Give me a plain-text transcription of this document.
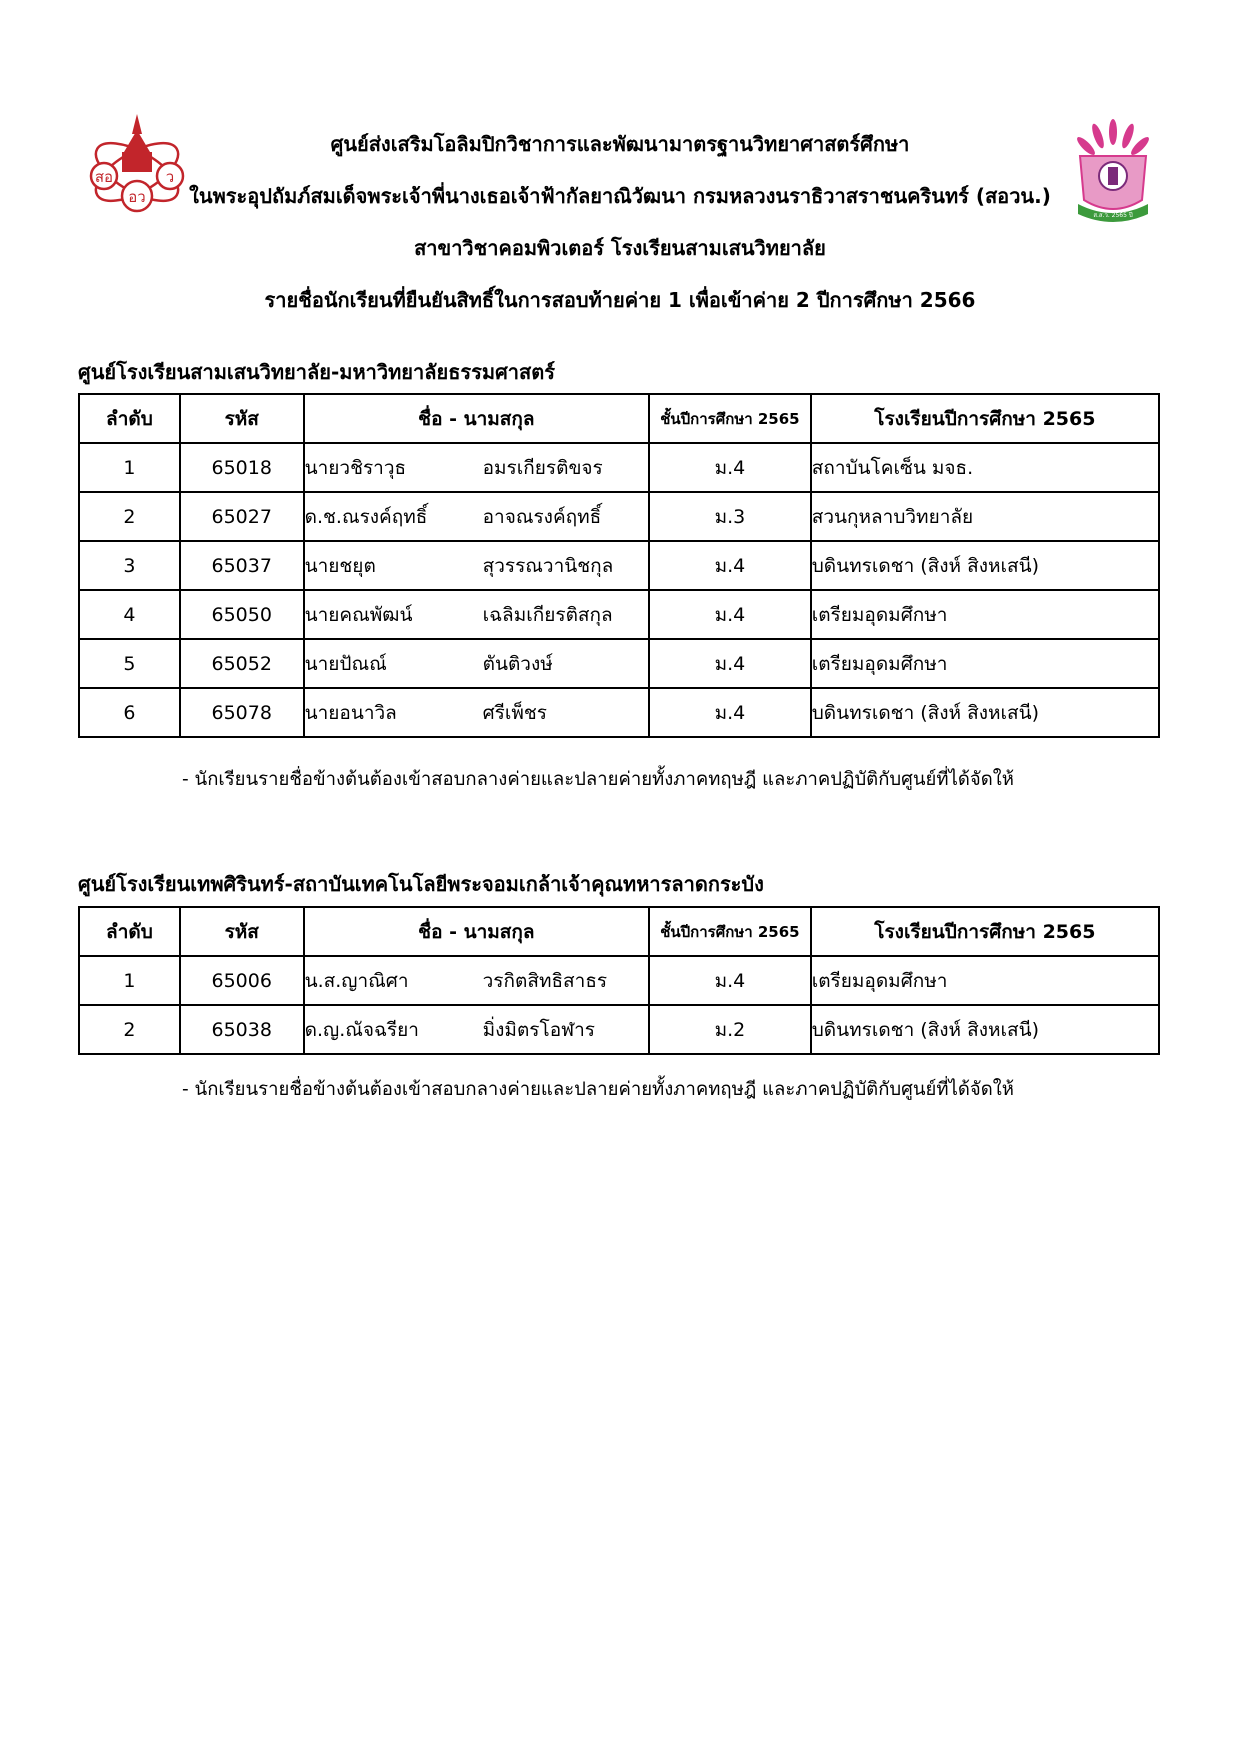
สอ	ว
อว
ส.ส.ว. 2565 ปี
ศูนย์ส่งเสริมโอลิมปิกวิชาการและพัฒนามาตรฐานวิทยาศาสตร์ศึกษา
ในพระอุปถัมภ์สมเด็จพระเจ้าพี่นางเธอเจ้าฟ้ากัลยาณิวัฒนา กรมหลวงนราธิวาสราชนครินทร์ (สอวน.)
สาขาวิชาคอมพิวเตอร์ โรงเรียนสามเสนวิทยาลัย
รายชื่อนักเรียนที่ยืนยันสิทธิ์ในการสอบท้ายค่าย 1 เพื่อเข้าค่าย 2 ปีการศึกษา 2566
ศูนย์โรงเรียนสามเสนวิทยาลัย-มหาวิทยาลัยธรรมศาสตร์
ลำดับ	รหัส	ชื่อ - นามสกุล	ชั้นปีการศึกษา 2565	โรงเรียนปีการศึกษา 2565
1	65018	นายวชิราวุธ อมรเกียรติขจร	ม.4	สถาบันโคเซ็น มจธ.
2	65027	ด.ช.ณรงค์ฤทธิ์ อาจณรงค์ฤทธิ์	ม.3	สวนกุหลาบวิทยาลัย
3	65037	นายชยุต สุวรรณวานิชกุล	ม.4	บดินทรเดชา (สิงห์ สิงหเสนี)
4	65050	นายคณพัฒน์ เฉลิมเกียรติสกุล	ม.4	เตรียมอุดมศึกษา
5	65052	นายปัณณ์ ตันติวงษ์	ม.4	เตรียมอุดมศึกษา
6	65078	นายอนาวิล ศรีเพ็ชร	ม.4	บดินทรเดชา (สิงห์ สิงหเสนี)
- นักเรียนรายชื่อข้างต้นต้องเข้าสอบกลางค่ายและปลายค่ายทั้งภาคทฤษฎี และภาคปฏิบัติกับศูนย์ที่ได้จัดให้
ศูนย์โรงเรียนเทพศิรินทร์-สถาบันเทคโนโลยีพระจอมเกล้าเจ้าคุณทหารลาดกระบัง
ลำดับ	รหัส	ชื่อ - นามสกุล	ชั้นปีการศึกษา 2565	โรงเรียนปีการศึกษา 2565
1	65006	น.ส.ญาณิศา วรกิตสิทธิสาธร	ม.4	เตรียมอุดมศึกษา
2	65038	ด.ญ.ณัจฉรียา มิ่งมิตรโอฬาร	ม.2	บดินทรเดชา (สิงห์ สิงหเสนี)
- นักเรียนรายชื่อข้างต้นต้องเข้าสอบกลางค่ายและปลายค่ายทั้งภาคทฤษฎี และภาคปฏิบัติกับศูนย์ที่ได้จัดให้
